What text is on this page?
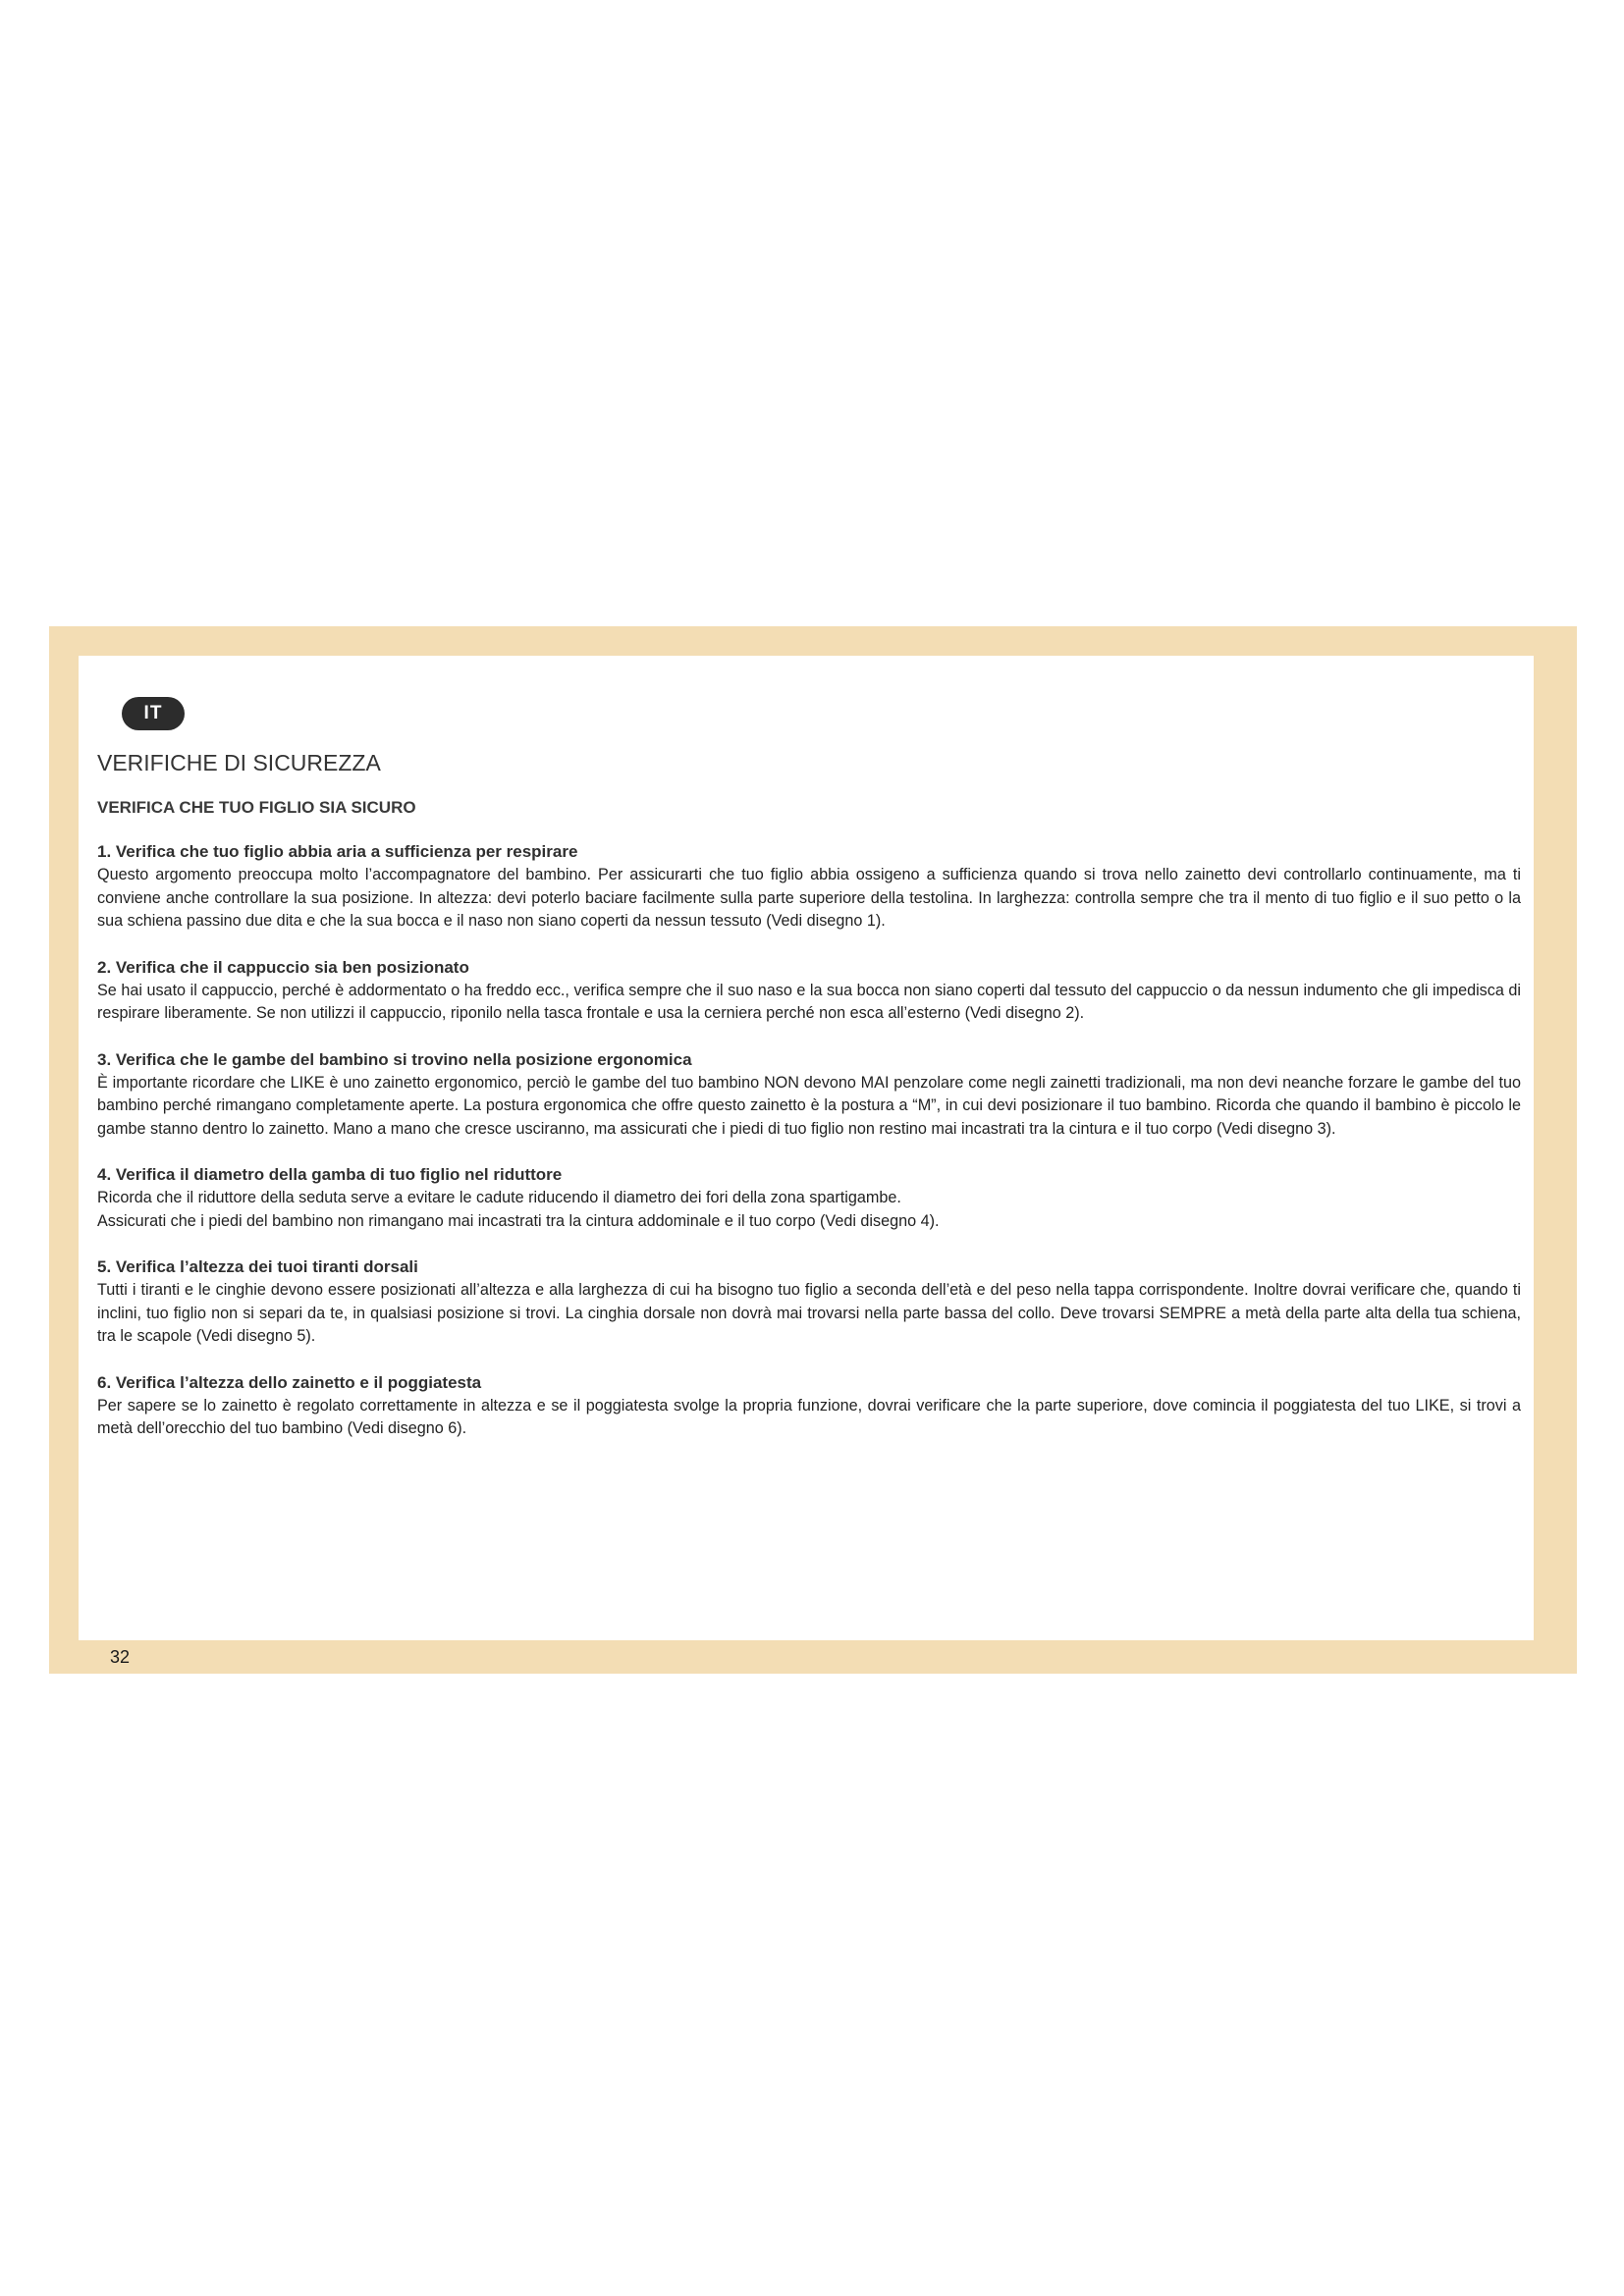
IT
VERIFICHE DI SICUREZZA
VERIFICA CHE TUO FIGLIO SIA SICURO
1. Verifica che tuo figlio abbia aria a sufficienza per respirare

Questo argomento preoccupa molto l’accompagnatore del bambino. Per assicurarti che tuo figlio abbia ossigeno a sufficienza quando si trova nello zainetto devi controllarlo continuamente, ma ti conviene anche controllare la sua posizione. In altezza: devi poterlo baciare facilmente sulla parte superiore della testolina. In larghezza: controlla sempre che tra il mento di tuo figlio e il suo petto o la sua schiena passino due dita e che la sua bocca e il naso non siano coperti da nessun tessuto (Vedi disegno 1).

2. Verifica che il cappuccio sia ben posizionato

Se hai usato il cappuccio, perché è addormentato o ha freddo ecc., verifica sempre che il suo naso e la sua bocca non siano coperti dal tessuto del cappuccio o da nessun indumento che gli impedisca di respirare liberamente. Se non utilizzi il cappuccio, riponilo nella tasca frontale e usa la cerniera perché non esca all’esterno (Vedi disegno 2).

3. Verifica che le gambe del bambino si trovino nella posizione ergonomica

È importante ricordare che LIKE è uno zainetto ergonomico, perciò le gambe del tuo bambino NON devono MAI penzolare come negli zainetti tradizionali, ma non devi neanche forzare le gambe del tuo bambino perché rimangano completamente aperte. La postura ergonomica che offre questo zainetto è la postura a “M”, in cui devi posizionare il tuo bambino. Ricorda che quando il bambino è piccolo le gambe stanno dentro lo zainetto. Mano a mano che cresce usciranno, ma assicurati che i piedi di tuo figlio non restino mai incastrati tra la cintura e il tuo corpo (Vedi disegno 3).

4. Verifica il diametro della gamba di tuo figlio nel riduttore

Ricorda che il riduttore della seduta serve a evitare le cadute riducendo il diametro dei fori della zona spartigambe.
Assicurati che i piedi del bambino non rimangano mai incastrati tra la cintura addominale e il tuo corpo (Vedi disegno 4).

5. Verifica l’altezza dei tuoi tiranti dorsali

Tutti i tiranti e le cinghie devono essere posizionati all’altezza e alla larghezza di cui ha bisogno tuo figlio a seconda dell’età e del peso nella tappa corrispondente. Inoltre dovrai verificare che, quando ti inclini, tuo figlio non si separi da te, in qualsiasi posizione si trovi. La cinghia dorsale non dovrà mai trovarsi nella parte bassa del collo. Deve trovarsi SEMPRE a metà della parte alta della tua schiena, tra le scapole (Vedi disegno 5).

6. Verifica l’altezza dello zainetto e il poggiatesta

Per sapere se lo zainetto è regolato correttamente in altezza e se il poggiatesta svolge la propria funzione, dovrai verificare che la parte superiore, dove comincia il poggiatesta del tuo LIKE, si trovi a metà dell’orecchio del tuo bambino (Vedi disegno 6).

32
